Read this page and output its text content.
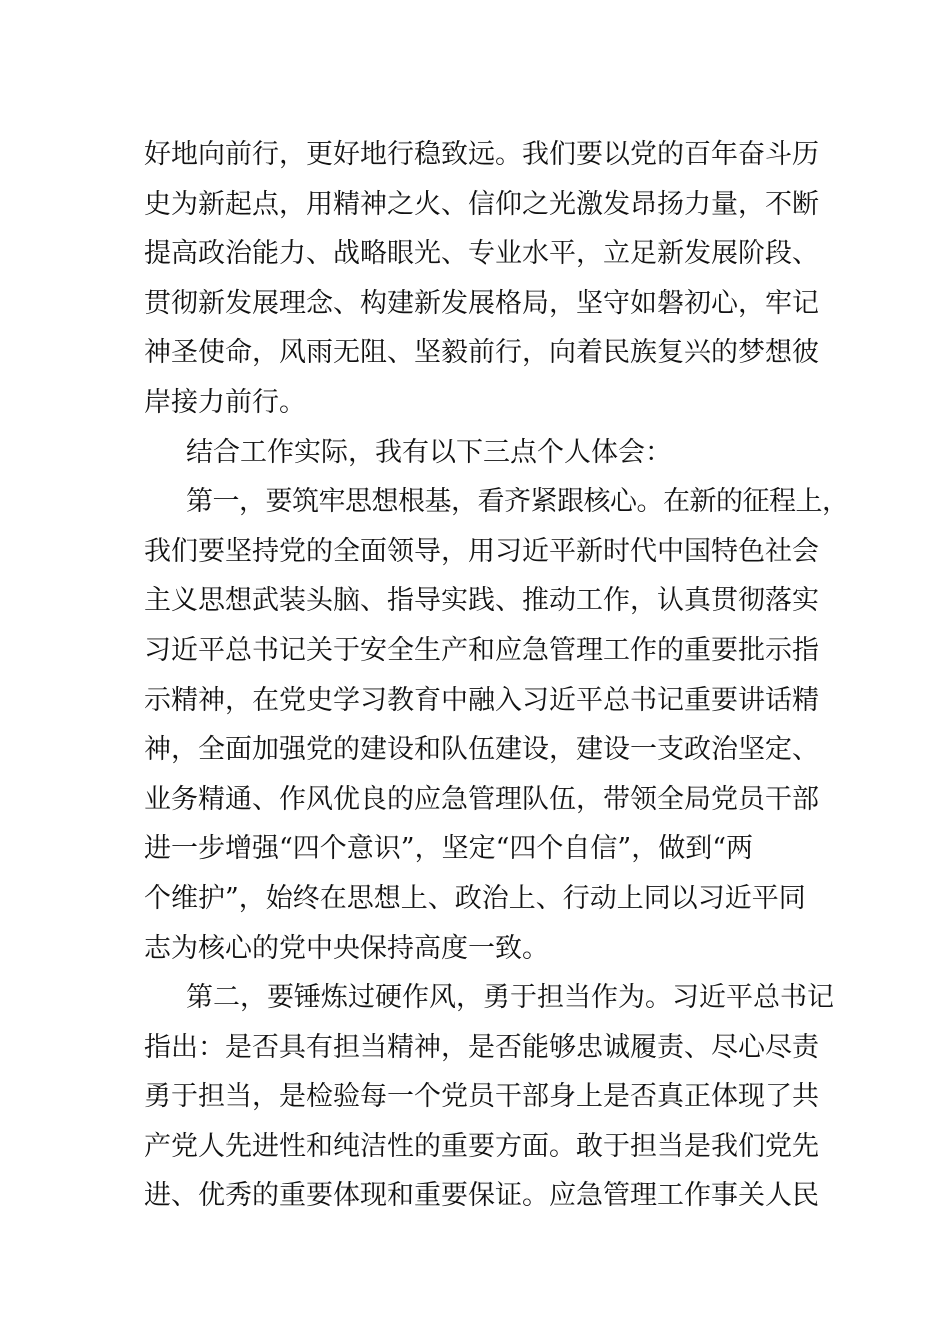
好地向前行，更好地行稳致远。我们要以党的百年奋斗历
史为新起点，用精神之火、信仰之光激发昂扬力量，不断
提高政治能力、战略眼光、专业水平，立足新发展阶段、
贯彻新发展理念、构建新发展格局，坚守如磐初心，牢记
神圣使命，风雨无阻、坚毅前行，向着民族复兴的梦想彼
岸接力前行。
结合工作实际，我有以下三点个人体会：
第一，要筑牢思想根基，看齐紧跟核心。在新的征程上，
我们要坚持党的全面领导，用习近平新时代中国特色社会
主义思想武装头脑、指导实践、推动工作，认真贯彻落实
习近平总书记关于安全生产和应急管理工作的重要批示指
示精神，在党史学习教育中融入习近平总书记重要讲话精
神，全面加强党的建设和队伍建设，建设一支政治坚定、
业务精通、作风优良的应急管理队伍，带领全局党员干部
进一步增强“四个意识”，坚定“四个自信”，做到“两
个维护”，始终在思想上、政治上、行动上同以习近平同
志为核心的党中央保持高度一致。
第二，要锤炼过硬作风，勇于担当作为。习近平总书记
指出：是否具有担当精神，是否能够忠诚履责、尽心尽责
勇于担当，是检验每一个党员干部身上是否真正体现了共
产党人先进性和纯洁性的重要方面。敢于担当是我们党先
进、优秀的重要体现和重要保证。应急管理工作事关人民
